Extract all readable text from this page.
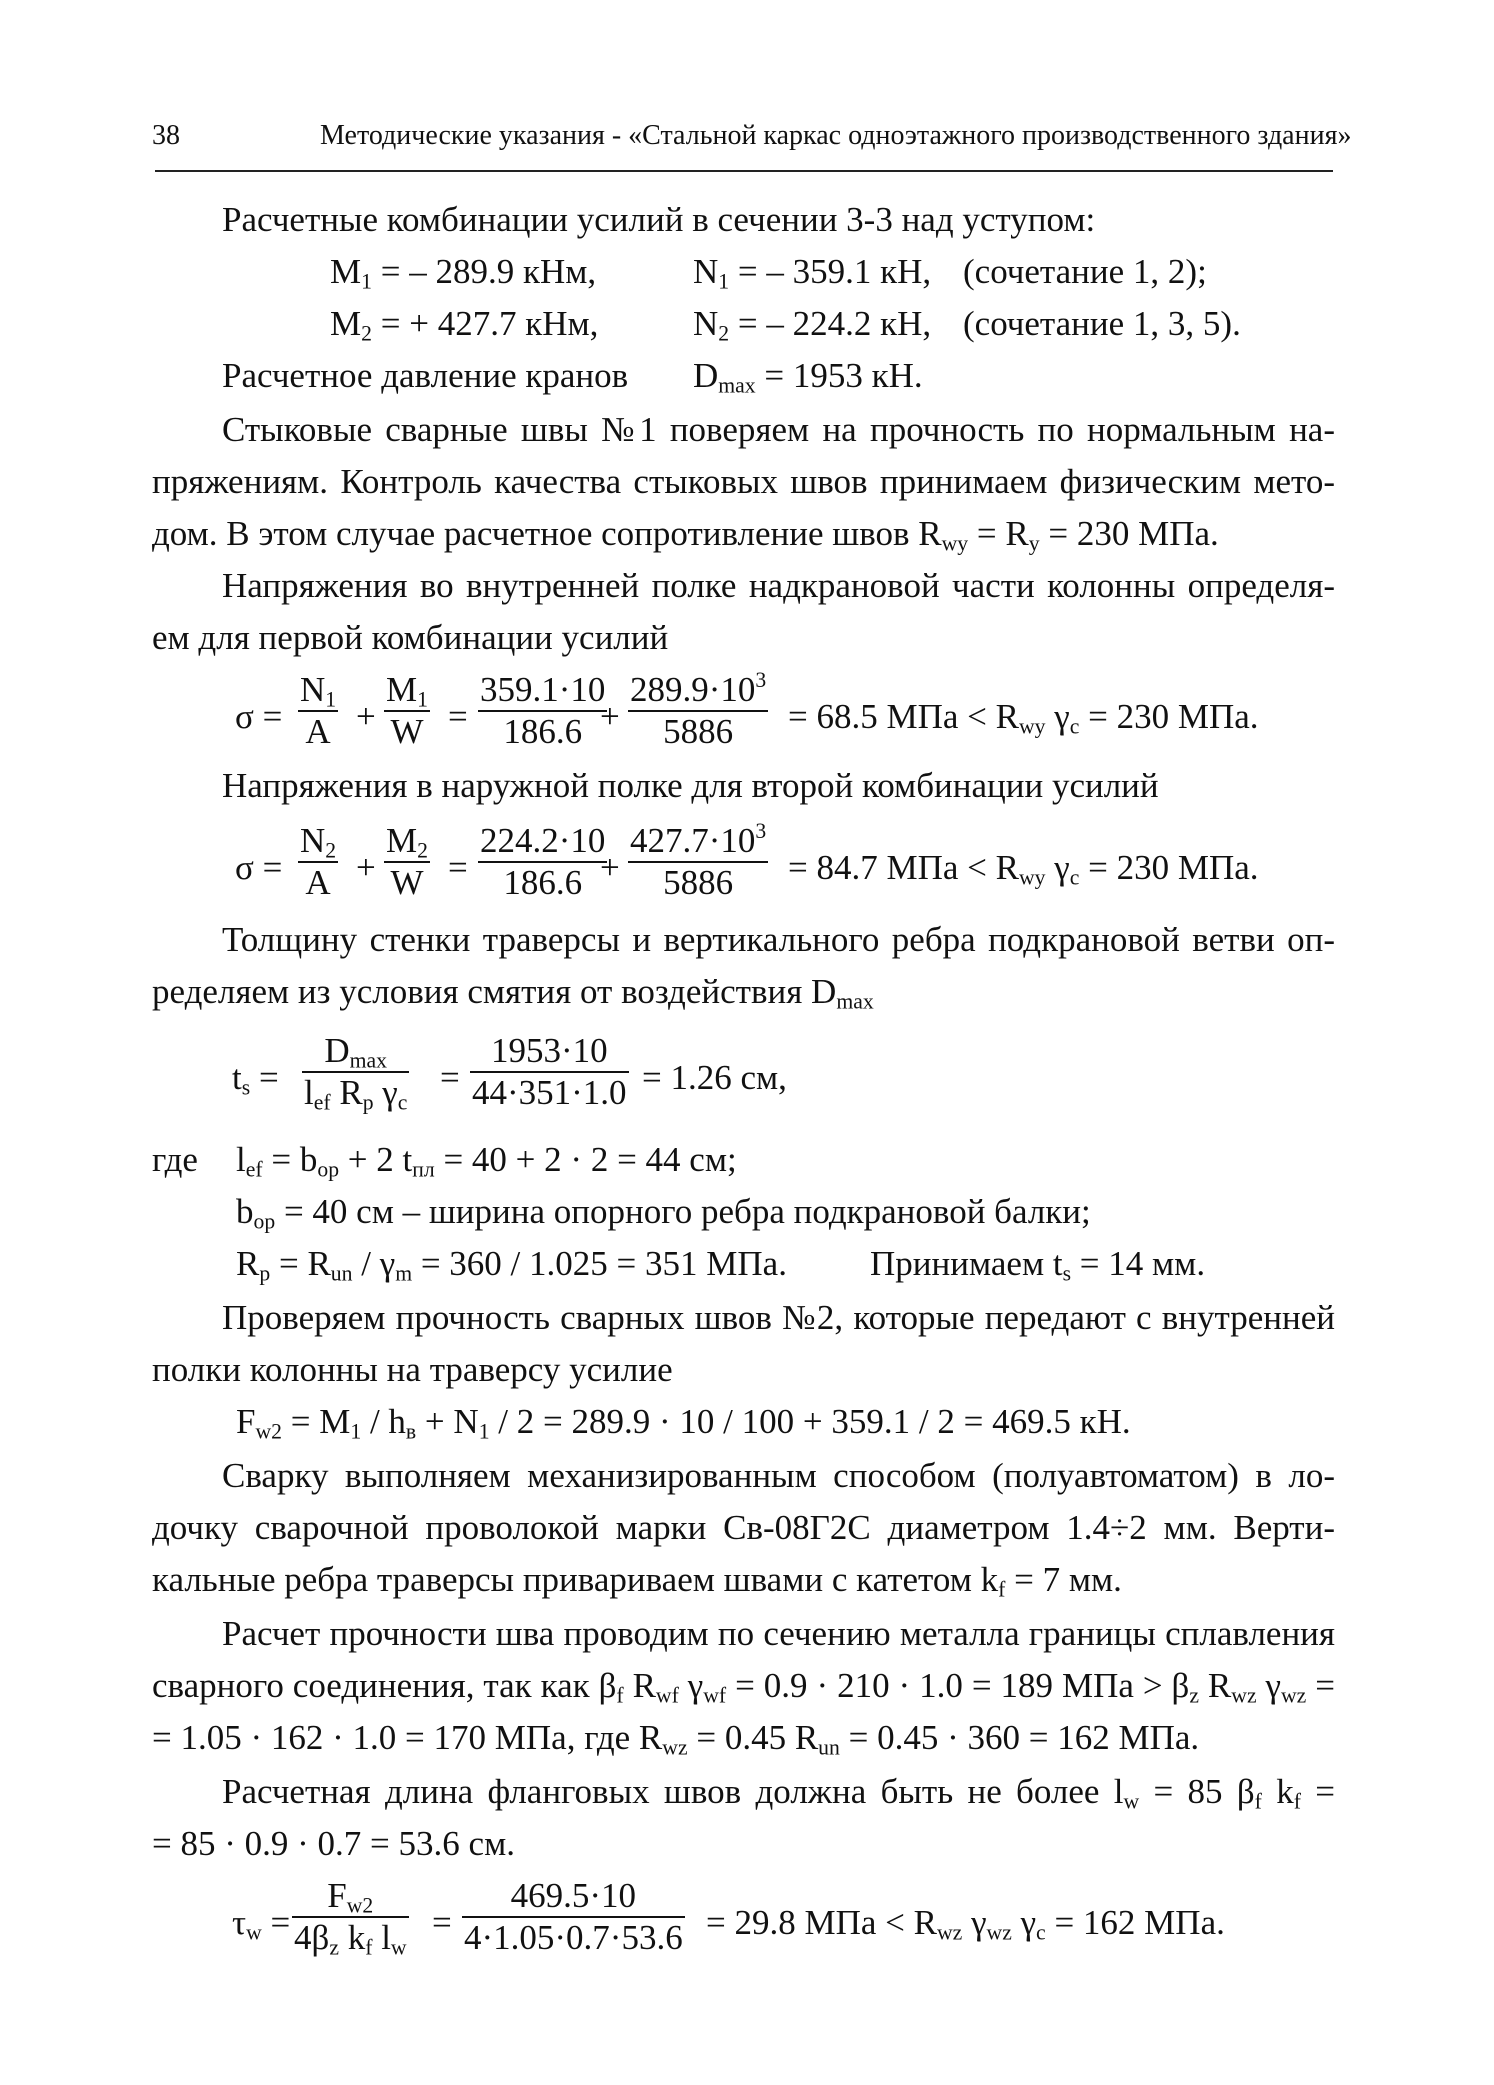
38	Методические указания - «Стальной каркас одноэтажного производственного здания»
Расчетные комбинации усилий в сечении 3-3 над уступом:
$M_1$ = – 289.9 кНм,	$N_1$ = – 359.1 кН, (сочетание 1, 2);
$M_2$ = + 427.7 кНм,	$N_2$ = – 224.2 кН, (сочетание 1, 3, 5).
Расчетное давление кранов $D_{max} = 1953$ кН.
Стыковые сварные швы №1 поверяем на прочность по нормальным на-
пряжениям. Контроль качества стыковых швов принимаем физическим мето-
дом. В этом случае расчетное сопротивление швов $R_{wy} = R_y = 230$ МПа.
Напряжения во внутренней полке надкрановой части колонны определя-
ем для первой комбинации усилий
σ =
$N_1$
A +
$M_1$
W =
359.1·10
186.6 +
$289.9\cdot 10^3$
5886 = 68.5 МПа < $R_{wy}$ $\gamma_c = 230$ МПа.
Напряжения в наружной полке для второй комбинации усилий
σ =
$N_2$
A +
$M_2$
W =
224.2·10
186.6 +
$427.7\cdot 10^3$
5886 = 84.7 МПа < $R_{wy}$ $\gamma_c = 230$ МПа.
Толщину стенки траверсы и вертикального ребра подкрановой ветви оп-
ределяем из условия смятия от воздействия $D_{max}$
$t_s$ =
$D_{max}$
$l_{ef}$ $R_p$ $\gamma_c$
=
1953·10
44·351·1.0 = 1.26 см,
где $l_{ef} = b_{op} + 2$ $t_{пл} = 40 + 2 \cdot 2 = 44$ см;
$b_{op} = 40$ см – ширина опорного ребра подкрановой балки;
$R_p = R_{un} / \gamma_m = 360 / 1.025 = 351$ МПа. Принимаем $t_s = 14$ мм.
Проверяем прочность сварных швов №2, которые передают с внутренней
полки колонны на траверсу усилие
$F_{w2} = M_1 / h_в + N_1 / 2 = 289.9 \cdot 10 / 100 + 359.1 / 2 = 469.5$ кН.
Сварку выполняем механизированным способом (полуавтоматом) в ло-
дочку сварочной проволокой марки Св-08Г2С диаметром 1.4÷2 мм. Верти-
кальные ребра траверсы привариваем швами с катетом $k_f = 7$ мм.
Расчет прочности шва проводим по сечению металла границы сплавления
сварного соединения, так как $\beta_f$ $R_{wf}$ $\gamma_{wf} = 0.9 \cdot 210 \cdot 1.0 = 189$ МПа > $\beta_z$ $R_{wz}$ $\gamma_{wz}$ =
= 1.05 · 162 · 1.0 = 170 МПа, где $R_{wz} = 0.45$ $R_{un} = 0.45 \cdot 360 = 162$ МПа.
Расчетная длина фланговых швов должна быть не более $l_w = 85$ $\beta_f$ $k_f$ =
= 85 · 0.9 · 0.7 = 53.6 см.
$\tau_w$ =
$F_{w2}$
$4\beta_z$ $k_f$ $l_w$
=
469.5·10
4·1.05·0.7·53.6 = 29.8 МПа < $R_{wz}$ $\gamma_{wz}$ $\gamma_c = 162$ МПа.
